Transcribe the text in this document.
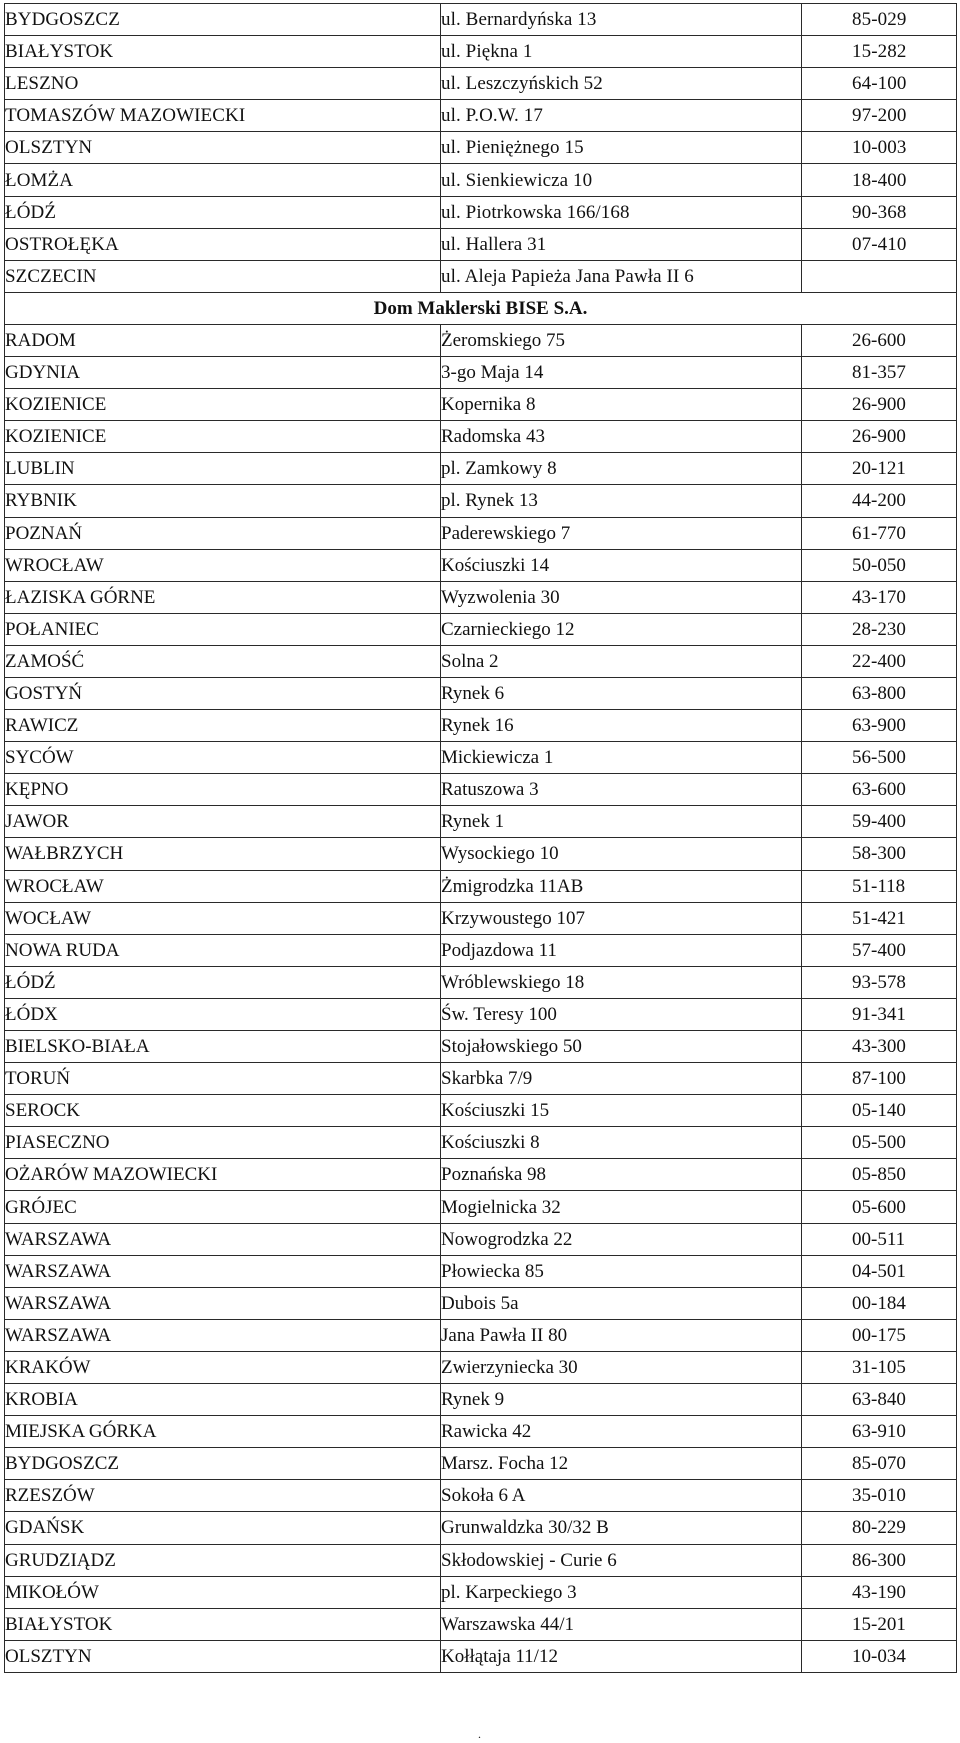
BYDGOSZCZ	ul. Bernardyńska 13	85-029
BIAŁYSTOK	ul. Piękna 1	15-282
LESZNO	ul. Leszczyńskich 52	64-100
TOMASZÓW MAZOWIECKI	ul. P.O.W. 17	97-200
OLSZTYN	ul. Pieniężnego 15	10-003
ŁOMŻA	ul. Sienkiewicza 10	18-400
ŁÓDŹ	ul. Piotrkowska 166/168	90-368
OSTROŁĘKA	ul. Hallera 31	07-410
SZCZECIN	ul. Aleja Papieża Jana Pawła II 6	
Dom Maklerski BISE S.A.		
RADOM	Żeromskiego 75	26-600
GDYNIA	3-go Maja 14	81-357
KOZIENICE	Kopernika 8	26-900
KOZIENICE	Radomska 43	26-900
LUBLIN	pl. Zamkowy 8	20-121
RYBNIK	pl. Rynek 13	44-200
POZNAŃ	Paderewskiego 7	61-770
WROCŁAW	Kościuszki 14	50-050
ŁAZISKA GÓRNE	Wyzwolenia 30	43-170
POŁANIEC	Czarnieckiego 12	28-230
ZAMOŚĆ	Solna 2	22-400
GOSTYŃ	Rynek 6	63-800
RAWICZ	Rynek 16	63-900
SYCÓW	Mickiewicza 1	56-500
KĘPNO	Ratuszowa 3	63-600
JAWOR	Rynek 1	59-400
WAŁBRZYCH	Wysockiego 10	58-300
WROCŁAW	Żmigrodzka 11AB	51-118
WOCŁAW	Krzywoustego 107	51-421
NOWA RUDA	Podjazdowa 11	57-400
ŁÓDŹ	Wróblewskiego 18	93-578
ŁÓDX	Św. Teresy 100	91-341
BIELSKO-BIAŁA	Stojałowskiego 50	43-300
TORUŃ	Skarbka 7/9	87-100
SEROCK	Kościuszki 15	05-140
PIASECZNO	Kościuszki 8	05-500
OŻARÓW MAZOWIECKI	Poznańska 98	05-850
GRÓJEC	Mogielnicka 32	05-600
WARSZAWA	Nowogrodzka 22	00-511
WARSZAWA	Płowiecka 85	04-501
WARSZAWA	Dubois 5a	00-184
WARSZAWA	Jana Pawła II 80	00-175
KRAKÓW	Zwierzyniecka 30	31-105
KROBIA	Rynek 9	63-840
MIEJSKA GÓRKA	Rawicka 42	63-910
BYDGOSZCZ	Marsz. Focha 12	85-070
RZESZÓW	Sokoła 6 A	35-010
GDAŃSK	Grunwaldzka 30/32 B	80-229
GRUDZIĄDZ	Skłodowskiej - Curie 6	86-300
MIKOŁÓW	pl. Karpeckiego 3	43-190
BIAŁYSTOK	Warszawska 44/1	15-201
OLSZTYN	Kołłątaja 11/12	10-034
.
